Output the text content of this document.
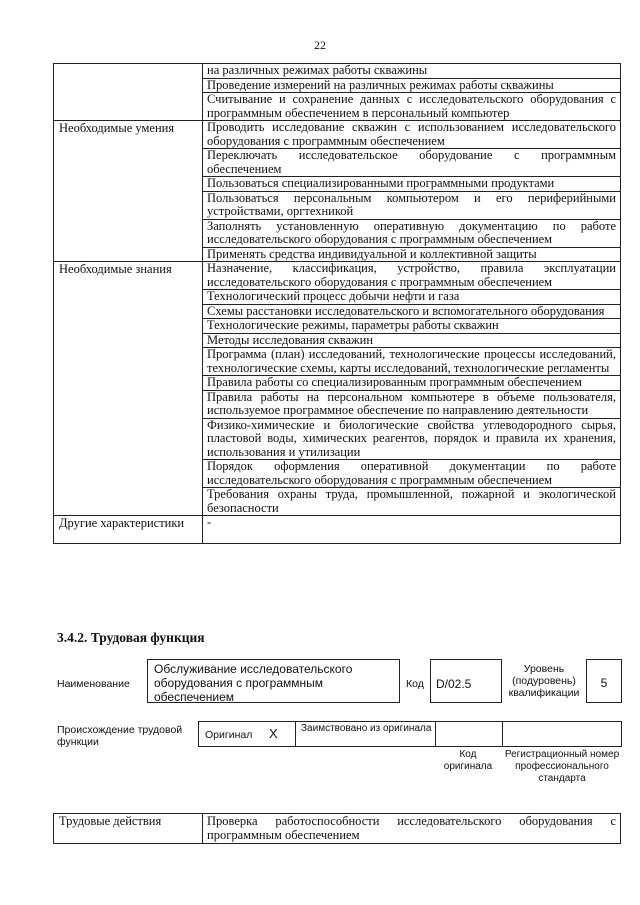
22
	на различных режимах работы скважины
	Проведение измерений на различных режимах работы скважины
	Считывание и сохранение данных с исследовательского оборудования с программным обеспечением в персональный компьютер
Необходимые умения	Проводить исследование скважин с использованием исследовательского оборудования с программным обеспечением
	Переключать исследовательское оборудование с программным обеспечением
	Пользоваться специализированными программными продуктами
	Пользоваться персональным компьютером и его периферийными устройствами, оргтехникой
	Заполнять установленную оперативную документацию по работе исследовательского оборудования с программным обеспечением
	Применять средства индивидуальной и коллективной защиты
Необходимые знания	Назначение, классификация, устройство, правила эксплуатации исследовательского оборудования с программным обеспечением
	Технологический процесс добычи нефти и газа
	Схемы расстановки исследовательского и вспомогательного оборудования
	Технологические режимы, параметры работы скважин
	Методы исследования скважин
	Программа (план) исследований, технологические процессы исследований, технологические схемы, карты исследований, технологические регламенты
	Правила работы со специализированным программным обеспечением
	Правила работы на персональном компьютере в объеме пользователя, используемое программное обеспечение по направлению деятельности
	Физико-химические и биологические свойства углеводородного сырья, пластовой воды, химических реагентов, порядок и правила их хранения, использования и утилизации
	Порядок оформления оперативной документации по работе исследовательского оборудования с программным обеспечением
	Требования охраны труда, промышленной, пожарной и экологической безопасности
Другие характеристики	-
3.4.2. Трудовая функция
Наименование
Обслуживание исследовательского оборудования с программным обеспечением
Код	D/02.5
Уровень (подуровень) квалификации
5
Происхождение трудовой функции
Оригинал X Заимствовано из оригинала
Код оригинала
Регистрационный номер профессионального стандарта
Трудовые действия	Проверка работоспособности исследовательского оборудования с программным обеспечением
